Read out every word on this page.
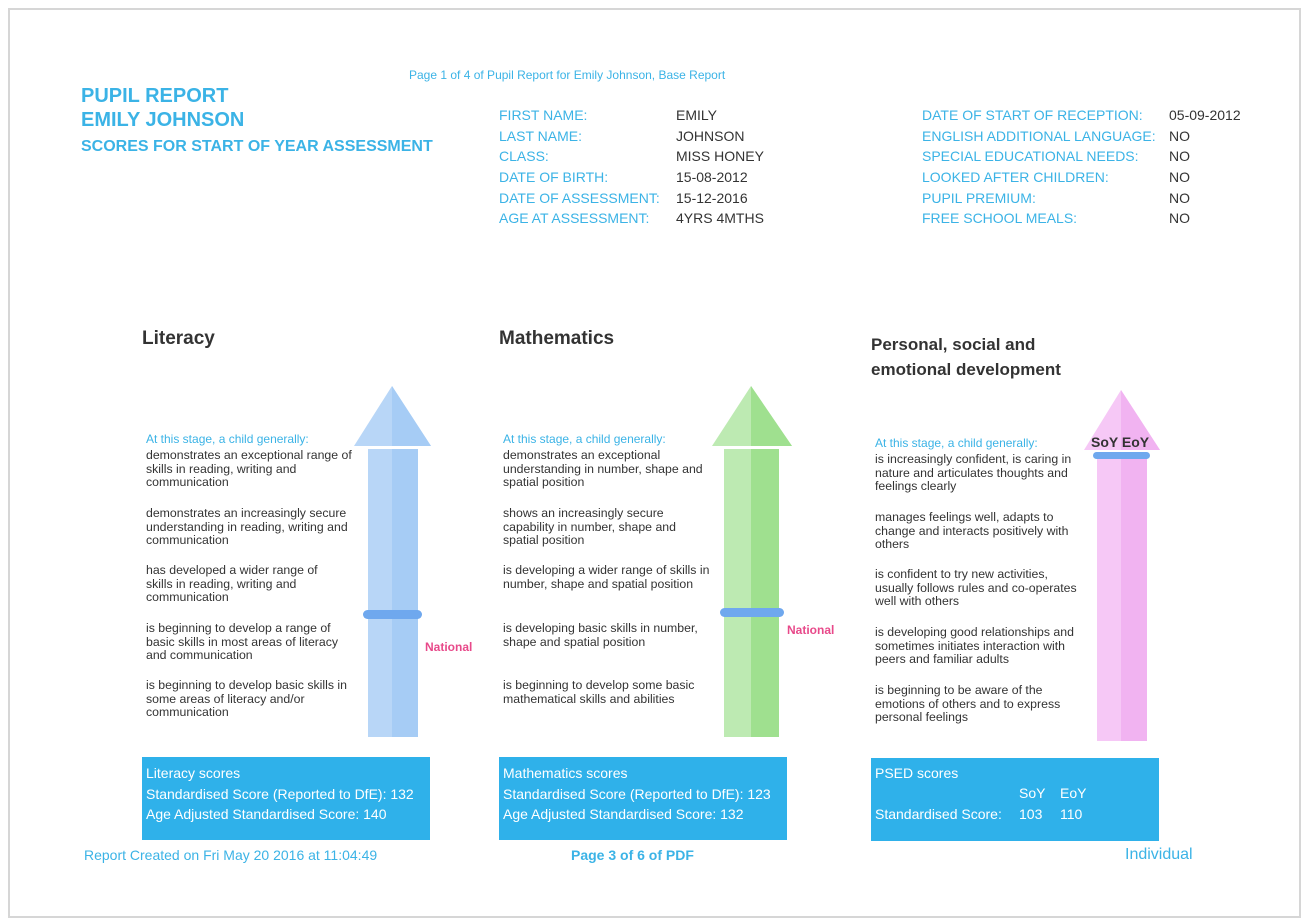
Page 1 of 4 of Pupil Report for Emily Johnson, Base Report
PUPIL REPORT
EMILY JOHNSON
SCORES FOR START OF YEAR ASSESSMENT
FIRST NAME:	EMILY
LAST NAME:	JOHNSON
CLASS:	MISS HONEY
DATE OF BIRTH:	15-08-2012
DATE OF ASSESSMENT: 15-12-2016
AGE AT ASSESSMENT: 4YRS 4MTHS
DATE OF START OF RECEPTION: 05-09-2012
ENGLISH ADDITIONAL LANGUAGE: NO
SPECIAL EDUCATIONAL NEEDS: NO
LOOKED AFTER CHILDREN:	NO
PUPIL PREMIUM:	NO
FREE SCHOOL MEALS:	NO
Literacy
At this stage, a child generally:
demonstrates an exceptional range of skills in reading, writing and communication
demonstrates an increasingly secure understanding in reading, writing and communication
has developed a wider range of skills in reading, writing and communication
is beginning to develop a range of basic skills in most areas of literacy and communication
is beginning to develop basic skills in some areas of literacy and/or communication
National
Literacy scores
Standardised Score (Reported to DfE): 132
Age Adjusted Standardised Score: 140
Mathematics
At this stage, a child generally:
demonstrates an exceptional understanding in number, shape and spatial position
shows an increasingly secure capability in number, shape and spatial position
is developing a wider range of skills in number, shape and spatial position
is developing basic skills in number, shape and spatial position
is beginning to develop some basic mathematical skills and abilities
National
Mathematics scores
Standardised Score (Reported to DfE): 123
Age Adjusted Standardised Score: 132
Personal, social and emotional development
At this stage, a child generally:
is increasingly confident, is caring in nature and articulates thoughts and feelings clearly
manages feelings well, adapts to change and interacts positively with others
is confident to try new activities, usually follows rules and co-operates well with others
is developing good relationships and sometimes initiates interaction with peers and familiar adults
is beginning to be aware of the emotions of others and to express personal feelings
SoY EoY
PSED scores
SoY EoY
Standardised Score: 103 110
Report Created on Fri May 20 2016 at 11:04:49	Page 3 of 6 of PDF	Individual
